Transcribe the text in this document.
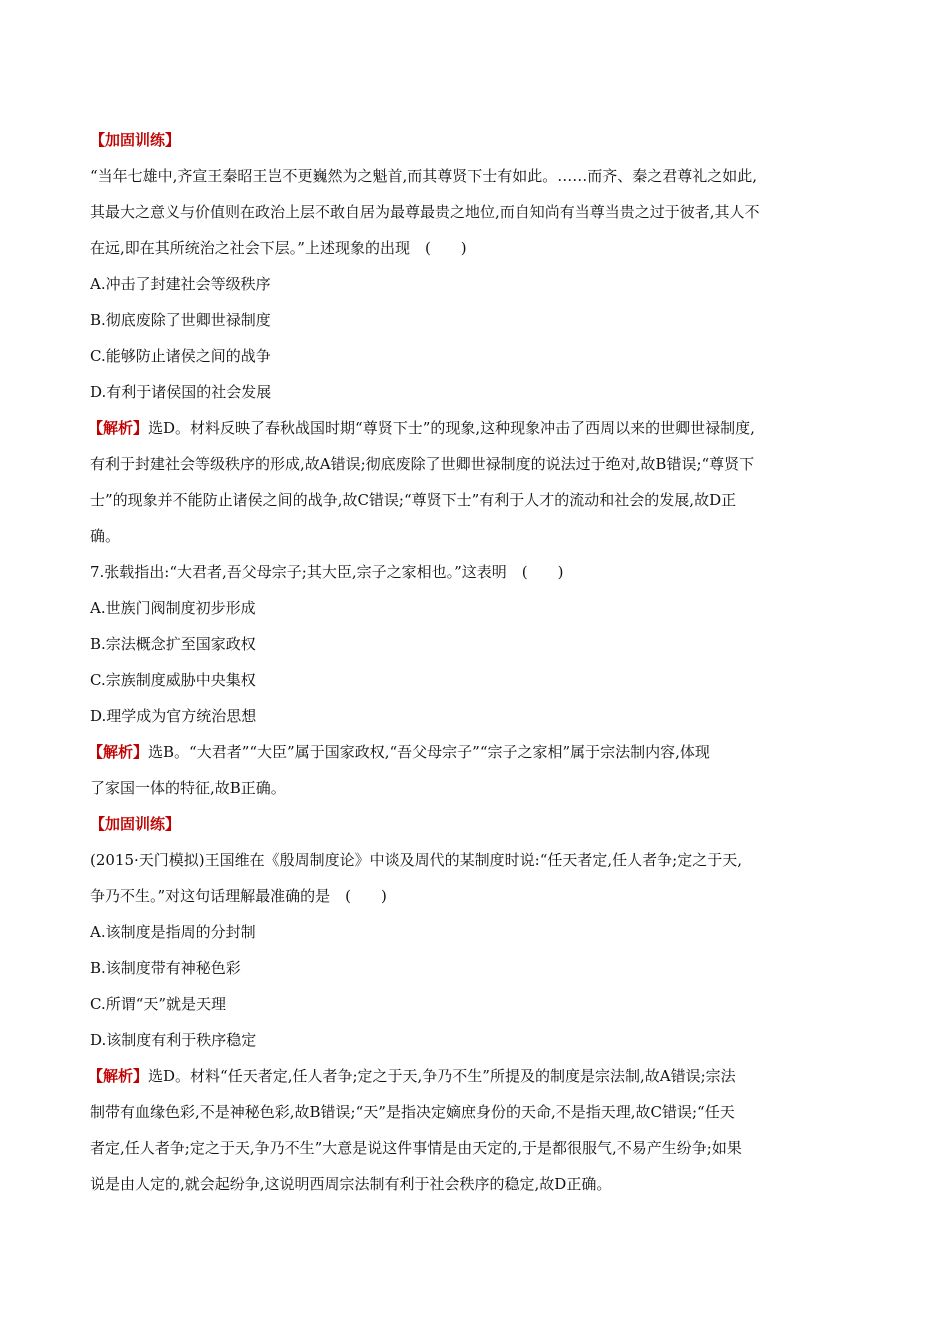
【加固训练】
“当年七雄中,齐宣王秦昭王岂不更巍然为之魁首,而其尊贤下士有如此。……而齐、秦之君尊礼之如此,
其最大之意义与价值则在政治上层不敢自居为最尊最贵之地位,而自知尚有当尊当贵之过于彼者,其人不
在远,即在其所统治之社会下层。”上述现象的出现　(　　)
A.冲击了封建社会等级秩序
B.彻底废除了世卿世禄制度
C.能够防止诸侯之间的战争
D.有利于诸侯国的社会发展
【解析】选D。材料反映了春秋战国时期“尊贤下士”的现象,这种现象冲击了西周以来的世卿世禄制度,
有利于封建社会等级秩序的形成,故A错误;彻底废除了世卿世禄制度的说法过于绝对,故B错误;“尊贤下
士”的现象并不能防止诸侯之间的战争,故C错误;“尊贤下士”有利于人才的流动和社会的发展,故D正
确。
7.张载指出:“大君者,吾父母宗子;其大臣,宗子之家相也。”这表明　(　　)
A.世族门阀制度初步形成
B.宗法概念扩至国家政权
C.宗族制度威胁中央集权
D.理学成为官方统治思想
【解析】选B。“大君者”“大臣”属于国家政权,“吾父母宗子”“宗子之家相”属于宗法制内容,体现
了家国一体的特征,故B正确。
【加固训练】
(2015·天门模拟)王国维在《殷周制度论》中谈及周代的某制度时说:“任天者定,任人者争;定之于天,
争乃不生。”对这句话理解最准确的是　(　　)
A.该制度是指周的分封制
B.该制度带有神秘色彩
C.所谓“天”就是天理
D.该制度有利于秩序稳定
【解析】选D。材料“任天者定,任人者争;定之于天,争乃不生”所提及的制度是宗法制,故A错误;宗法
制带有血缘色彩,不是神秘色彩,故B错误;“天”是指决定嫡庶身份的天命,不是指天理,故C错误;“任天
者定,任人者争;定之于天,争乃不生”大意是说这件事情是由天定的,于是都很服气,不易产生纷争;如果
说是由人定的,就会起纷争,这说明西周宗法制有利于社会秩序的稳定,故D正确。
